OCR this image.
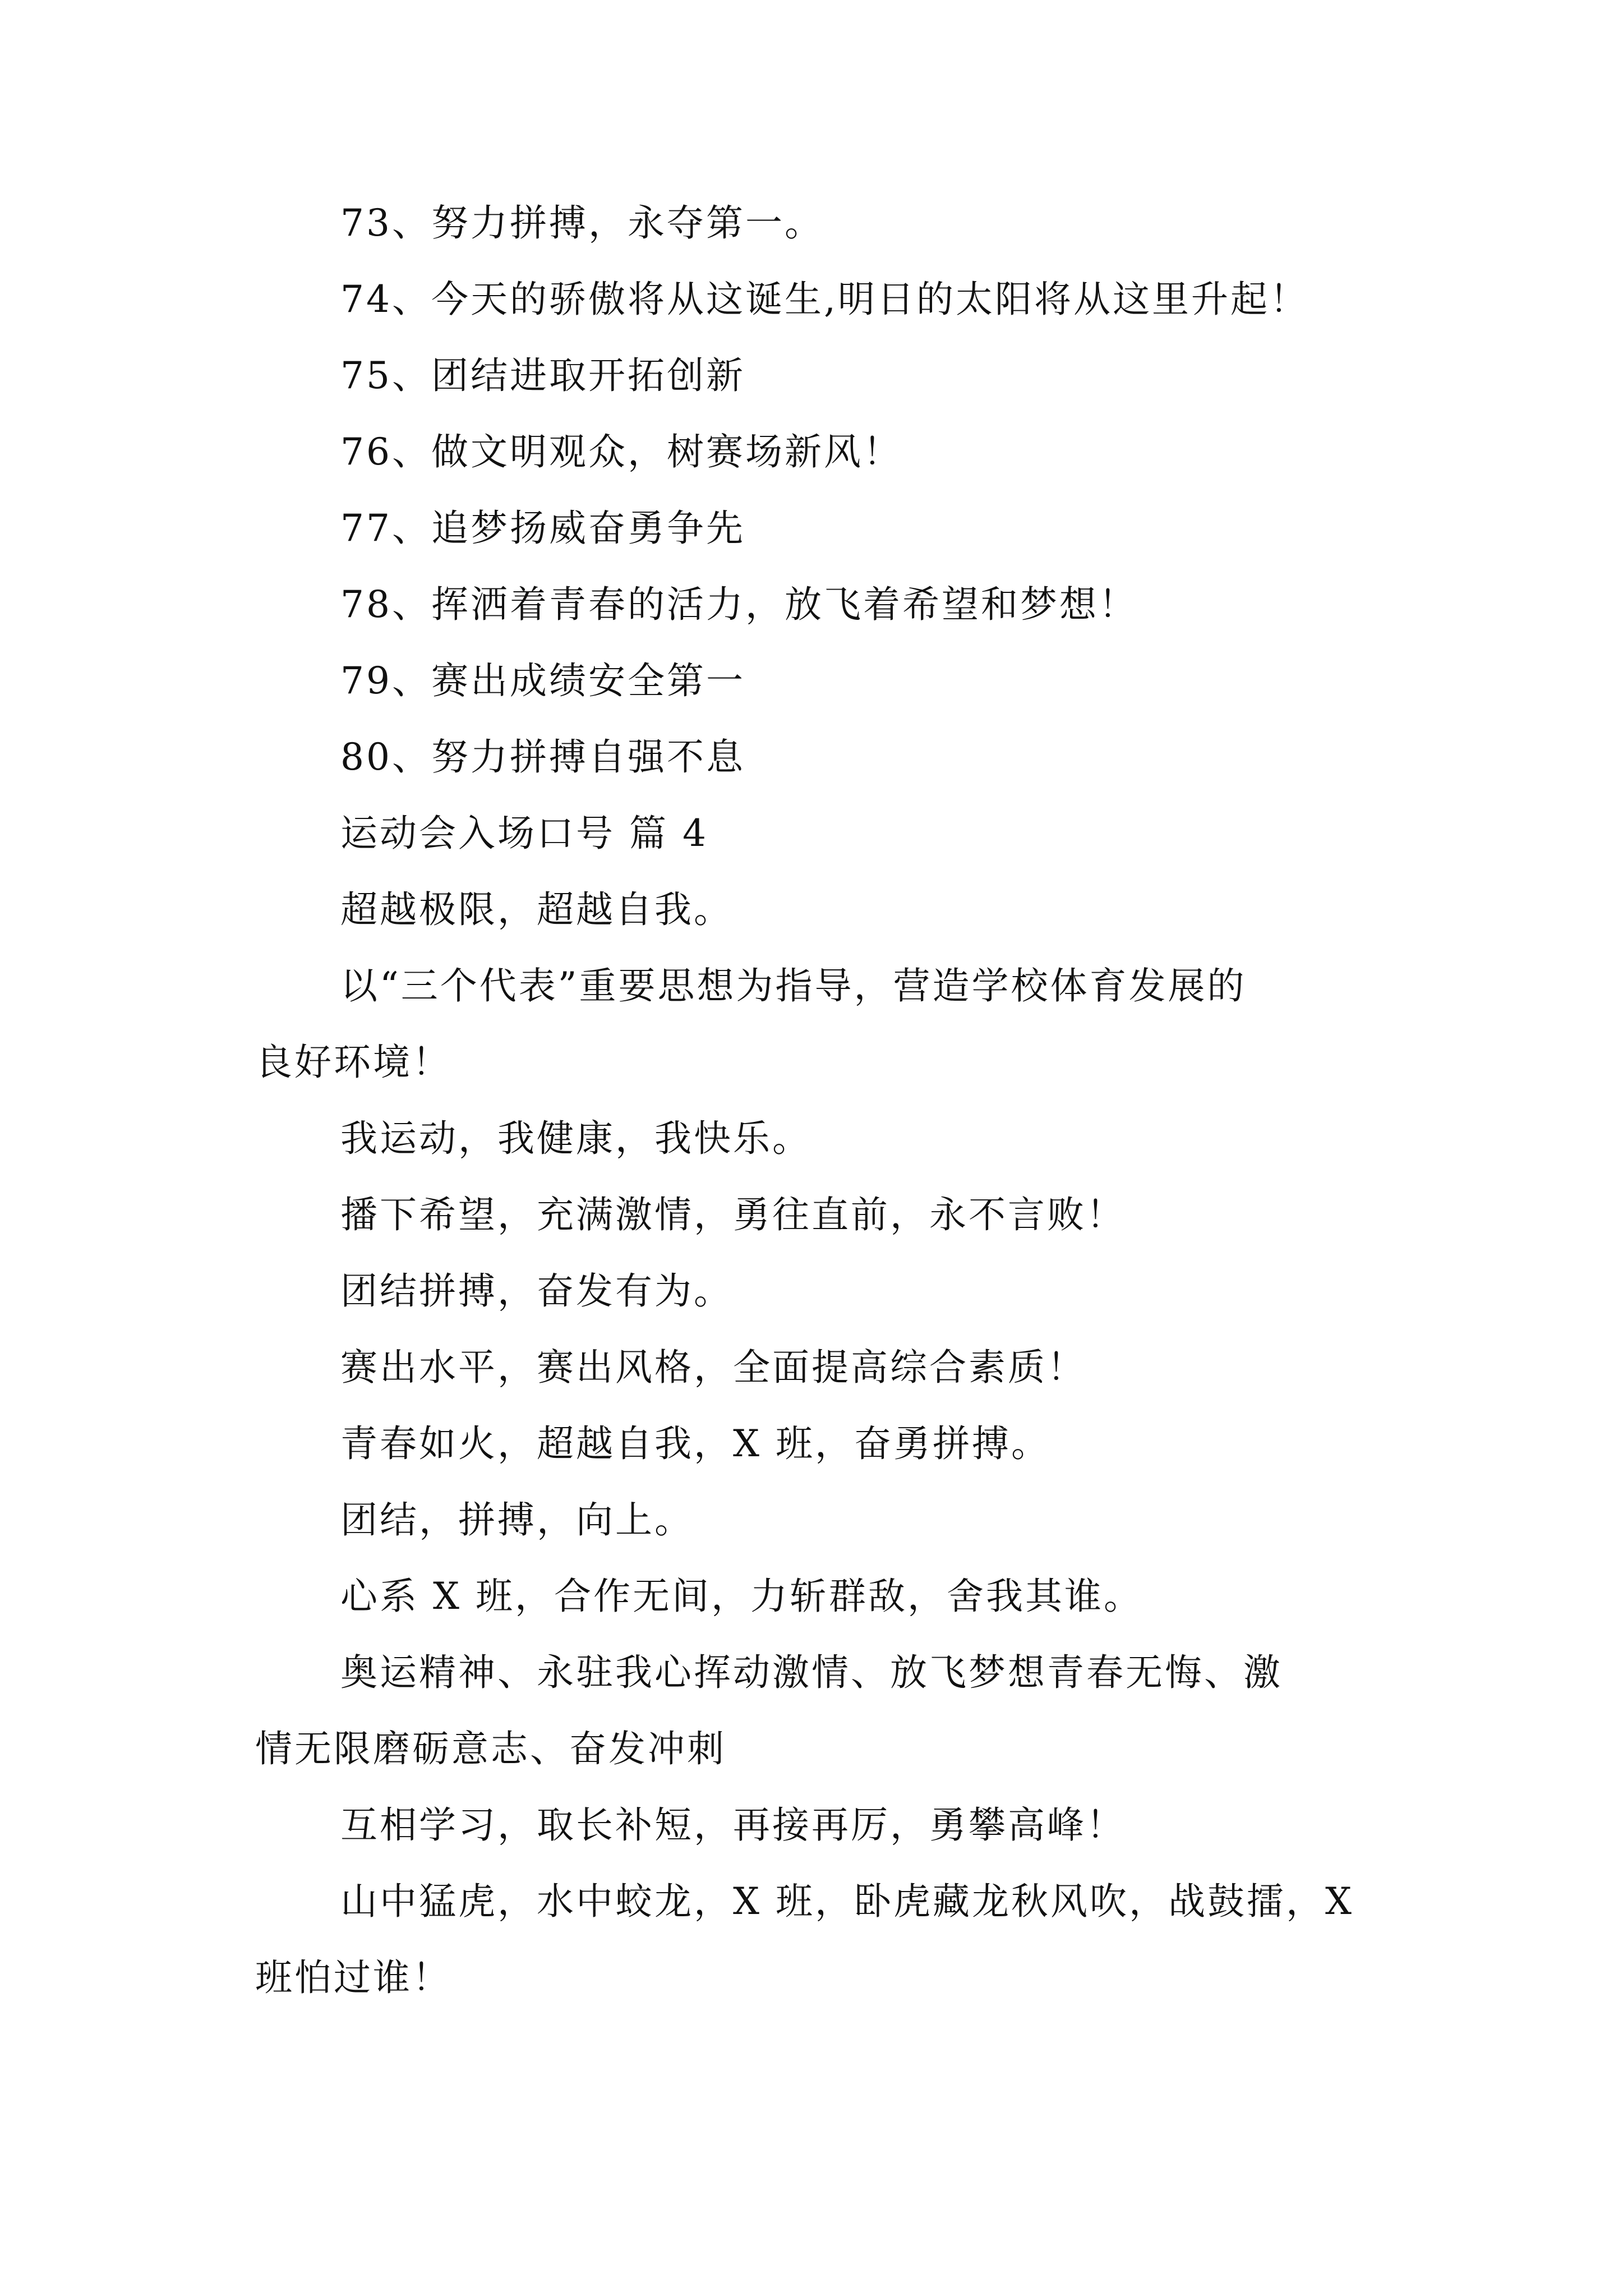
73、努力拼搏，永夺第一。

74、今天的骄傲将从这诞生,明日的太阳将从这里升起！

75、团结进取开拓创新

76、做文明观众，树赛场新风！

77、追梦扬威奋勇争先

78、挥洒着青春的活力，放飞着希望和梦想！

79、赛出成绩安全第一

80、努力拼搏自强不息

运动会入场口号 篇 4

超越极限，超越自我。

以“三个代表”重要思想为指导，营造学校体育发展的
良好环境！

我运动，我健康，我快乐。

播下希望，充满激情，勇往直前，永不言败！

团结拼搏，奋发有为。

赛出水平，赛出风格，全面提高综合素质！

青春如火，超越自我，X 班，奋勇拼搏。

团结，拼搏，向上。

心系 X 班，合作无间，力斩群敌，舍我其谁。

奥运精神、永驻我心挥动激情、放飞梦想青春无悔、激
情无限磨砺意志、奋发冲刺

互相学习，取长补短，再接再厉，勇攀高峰！

山中猛虎，水中蛟龙，X 班，卧虎藏龙秋风吹，战鼓擂，X
班怕过谁！
